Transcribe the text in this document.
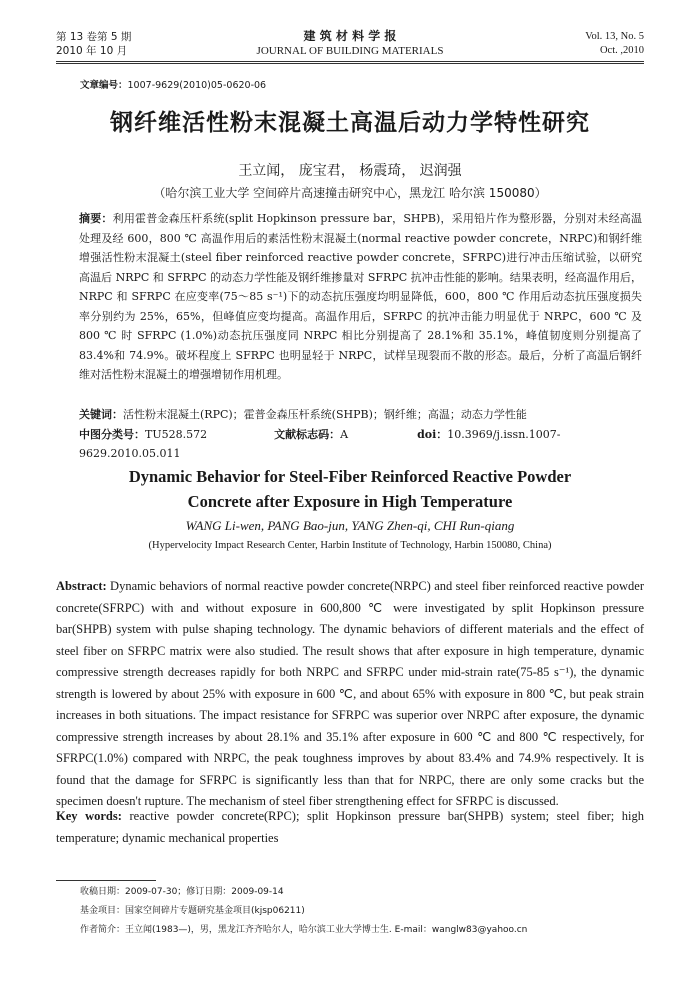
第 13 卷第 5 期
2010 年 10 月
建 筑 材 料 学 报
JOURNAL OF BUILDING MATERIALS
Vol. 13, No. 5
Oct. ,2010
文章编号：1007-9629(2010)05-0620-06
钢纤维活性粉末混凝土高温后动力学特性研究
王立闻， 庞宝君， 杨震琦， 迟润强
（哈尔滨工业大学 空间碎片高速撞击研究中心，黑龙江 哈尔滨 150080）
摘要：利用霍普金森压杆系统(split Hopkinson pressure bar，SHPB)，采用铅片作为整形器，分别对未经高温处理及经 600，800 ℃ 高温作用后的素活性粉末混凝土(normal reactive powder concrete，NRPC)和钢纤维增强活性粉末混凝土(steel fiber reinforced reactive powder concrete，SFRPC)进行冲击压缩试验，以研究高温后 NRPC 和 SFRPC 的动态力学性能及钢纤维掺量对 SFRPC 抗冲击性能的影响。结果表明，经高温作用后，NRPC 和 SFRPC 在应变率(75～85 s⁻¹)下的动态抗压强度均明显降低，600，800 ℃ 作用后动态抗压强度损失率分别约为 25%，65%，但峰值应变均提高。高温作用后，SFRPC 的抗冲击能力明显优于 NRPC，600 ℃ 及 800 ℃ 时 SFRPC (1.0%)动态抗压强度同 NRPC 相比分别提高了 28.1%和 35.1%，峰值韧度则分别提高了 83.4%和 74.9%。破坏程度上 SFRPC 也明显轻于 NRPC，试样呈现裂而不散的形态。最后，分析了高温后钢纤维对活性粉末混凝土的增强增韧作用机理。
关键词：活性粉末混凝土(RPC)；霍普金森压杆系统(SHPB)；钢纤维；高温；动态力学性能
中图分类号：TU528.572	文献标志码：A	doi：10.3969/j.issn.1007-9629.2010.05.011
Dynamic Behavior for Steel-Fiber Reinforced Reactive Powder
Concrete after Exposure in High Temperature
WANG Li-wen, PANG Bao-jun, YANG Zhen-qi, CHI Run-qiang
(Hypervelocity Impact Research Center, Harbin Institute of Technology, Harbin 150080, China)
Abstract: Dynamic behaviors of normal reactive powder concrete(NRPC) and steel fiber reinforced reactive powder concrete(SFRPC) with and without exposure in 600,800 ℃ were investigated by split Hopkinson pressure bar(SHPB) system with pulse shaping technology. The dynamic behaviors of different materials and the effect of steel fiber on SFRPC matrix were also studied. The result shows that after exposure in high temperature, dynamic compressive strength decreases rapidly for both NRPC and SFRPC under mid-strain rate(75-85 s⁻¹), the dynamic strength is lowered by about 25% with exposure in 600 ℃, and about 65% with exposure in 800 ℃, but peak strain increases in both situations. The impact resistance for SFRPC was superior over NRPC after exposure, the dynamic compressive strength increases by about 28.1% and 35.1% after exposure in 600 ℃ and 800 ℃ respectively, for SFRPC(1.0%) compared with NRPC, the peak toughness improves by about 83.4% and 74.9% respectively. It is found that the damage for SFRPC is significantly less than that for NRPC, there are only some cracks but the specimen doesn't rupture. The mechanism of steel fiber strengthening effect for SFRPC is discussed.
Key words: reactive powder concrete(RPC); split Hopkinson pressure bar(SHPB) system; steel fiber; high temperature; dynamic mechanical properties
收稿日期：2009-07-30；修订日期：2009-09-14
基金项目：国家空间碎片专题研究基金项目(kjsp06211)
作者简介：王立闻(1983—)，男，黑龙江齐齐哈尔人，哈尔滨工业大学博士生. E-mail：wanglw83@yahoo.cn
